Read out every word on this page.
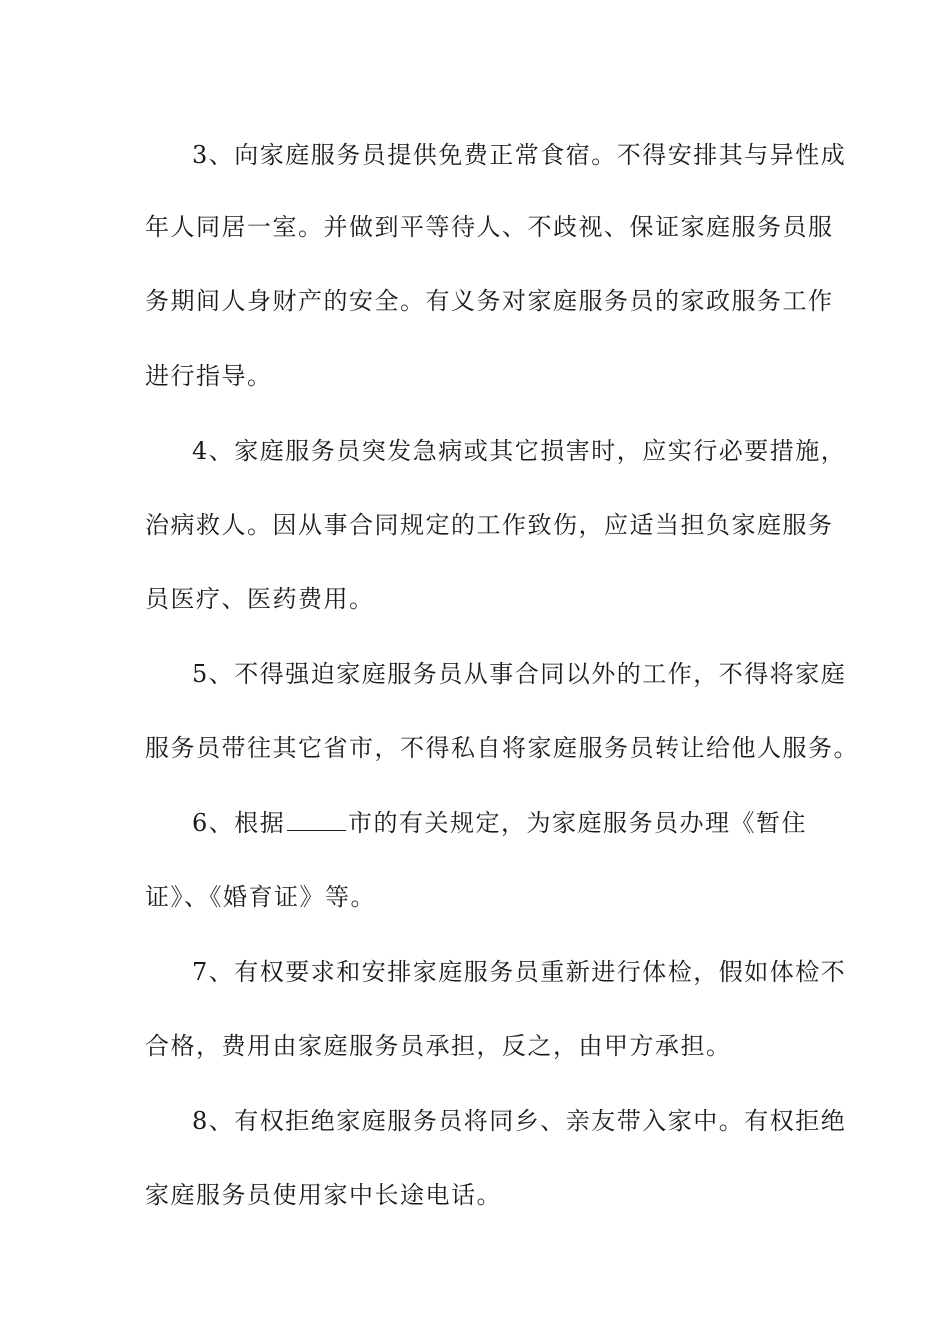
3、向家庭服务员提供免费正常食宿。不得安排其与异性成
年人同居一室。并做到平等待人、不歧视、保证家庭服务员服
务期间人身财产的安全。有义务对家庭服务员的家政服务工作
进行指导。
4、家庭服务员突发急病或其它损害时，应实行必要措施，
治病救人。因从事合同规定的工作致伤，应适当担负家庭服务
员医疗、医药费用。
5、不得强迫家庭服务员从事合同以外的工作，不得将家庭
服务员带往其它省市，不得私自将家庭服务员转让给他人服务。
6、根据	市的有关规定，为家庭服务员办理《暂住
证》、《婚育证》等。
7、有权要求和安排家庭服务员重新进行体检，假如体检不
合格，费用由家庭服务员承担，反之，由甲方承担。
8、有权拒绝家庭服务员将同乡、亲友带入家中。有权拒绝
家庭服务员使用家中长途电话。
